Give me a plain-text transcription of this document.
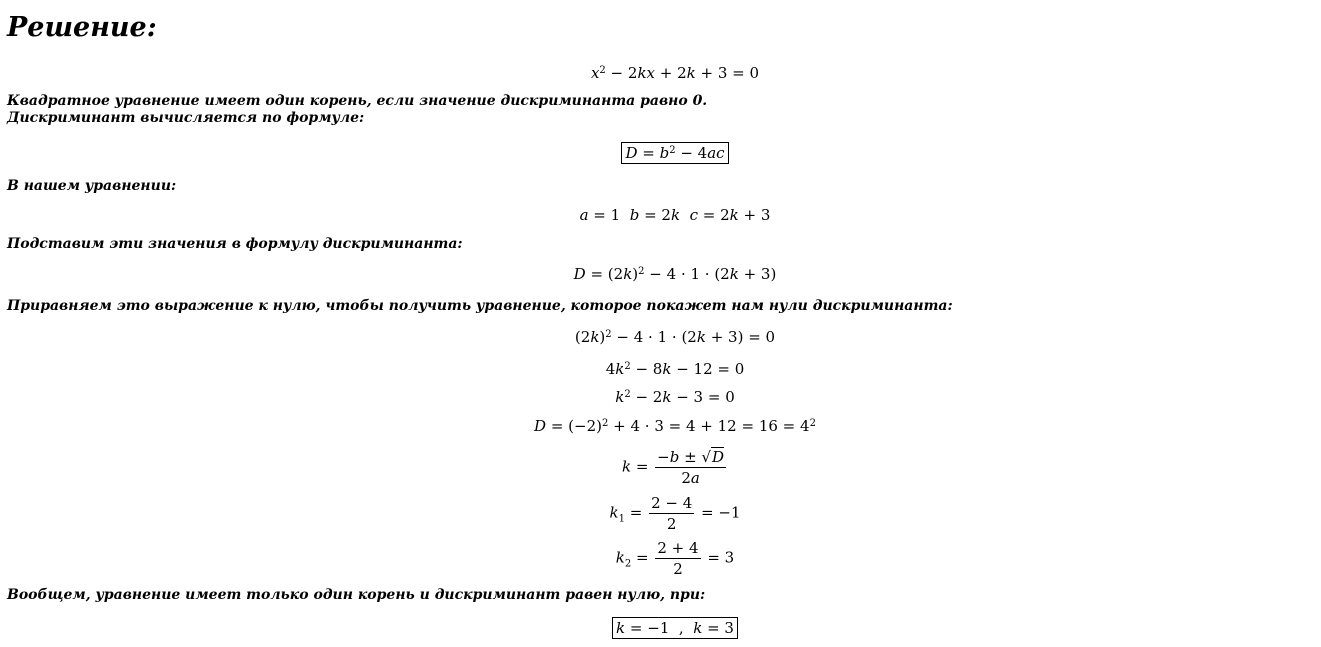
Решение:
$x^2 - 2kx + 2k + 3 = 0$
Квадратное уравнение имеет один корень, если значение дискриминанта равно 0.
Дискриминант вычисляется по формуле:
$D = b^2 - 4ac$
В нашем уравнении:
a = 1  b = 2k c = 2k + 3
Подставим эти значения в формулу дискриминанта:
$D = (2k)^2 - 4 \cdot 1 \cdot (2k + 3)$
Приравняем это выражение к нулю, чтобы получить уравнение, которое покажет нам нули дискриминанта:
$(2k)^2 - 4 \cdot 1 \cdot (2k + 3) = 0$
$4k^2 - 8k - 12 = 0$
$k^2 - 2k - 3 = 0$
$D = (-2)^2 + 4 \cdot 3 = 4 + 12 = 16 = 4^2$
$k = \frac{-b \pm √D}{2a}$
$k_1 = \frac{2 - 4}{2} = -1$
$k_2 = \frac{2 + 4}{2} = 3$
Вообщем, уравнение имеет только один корень и дискриминант равен нулю, при:
k = −1  ,  k = 3
